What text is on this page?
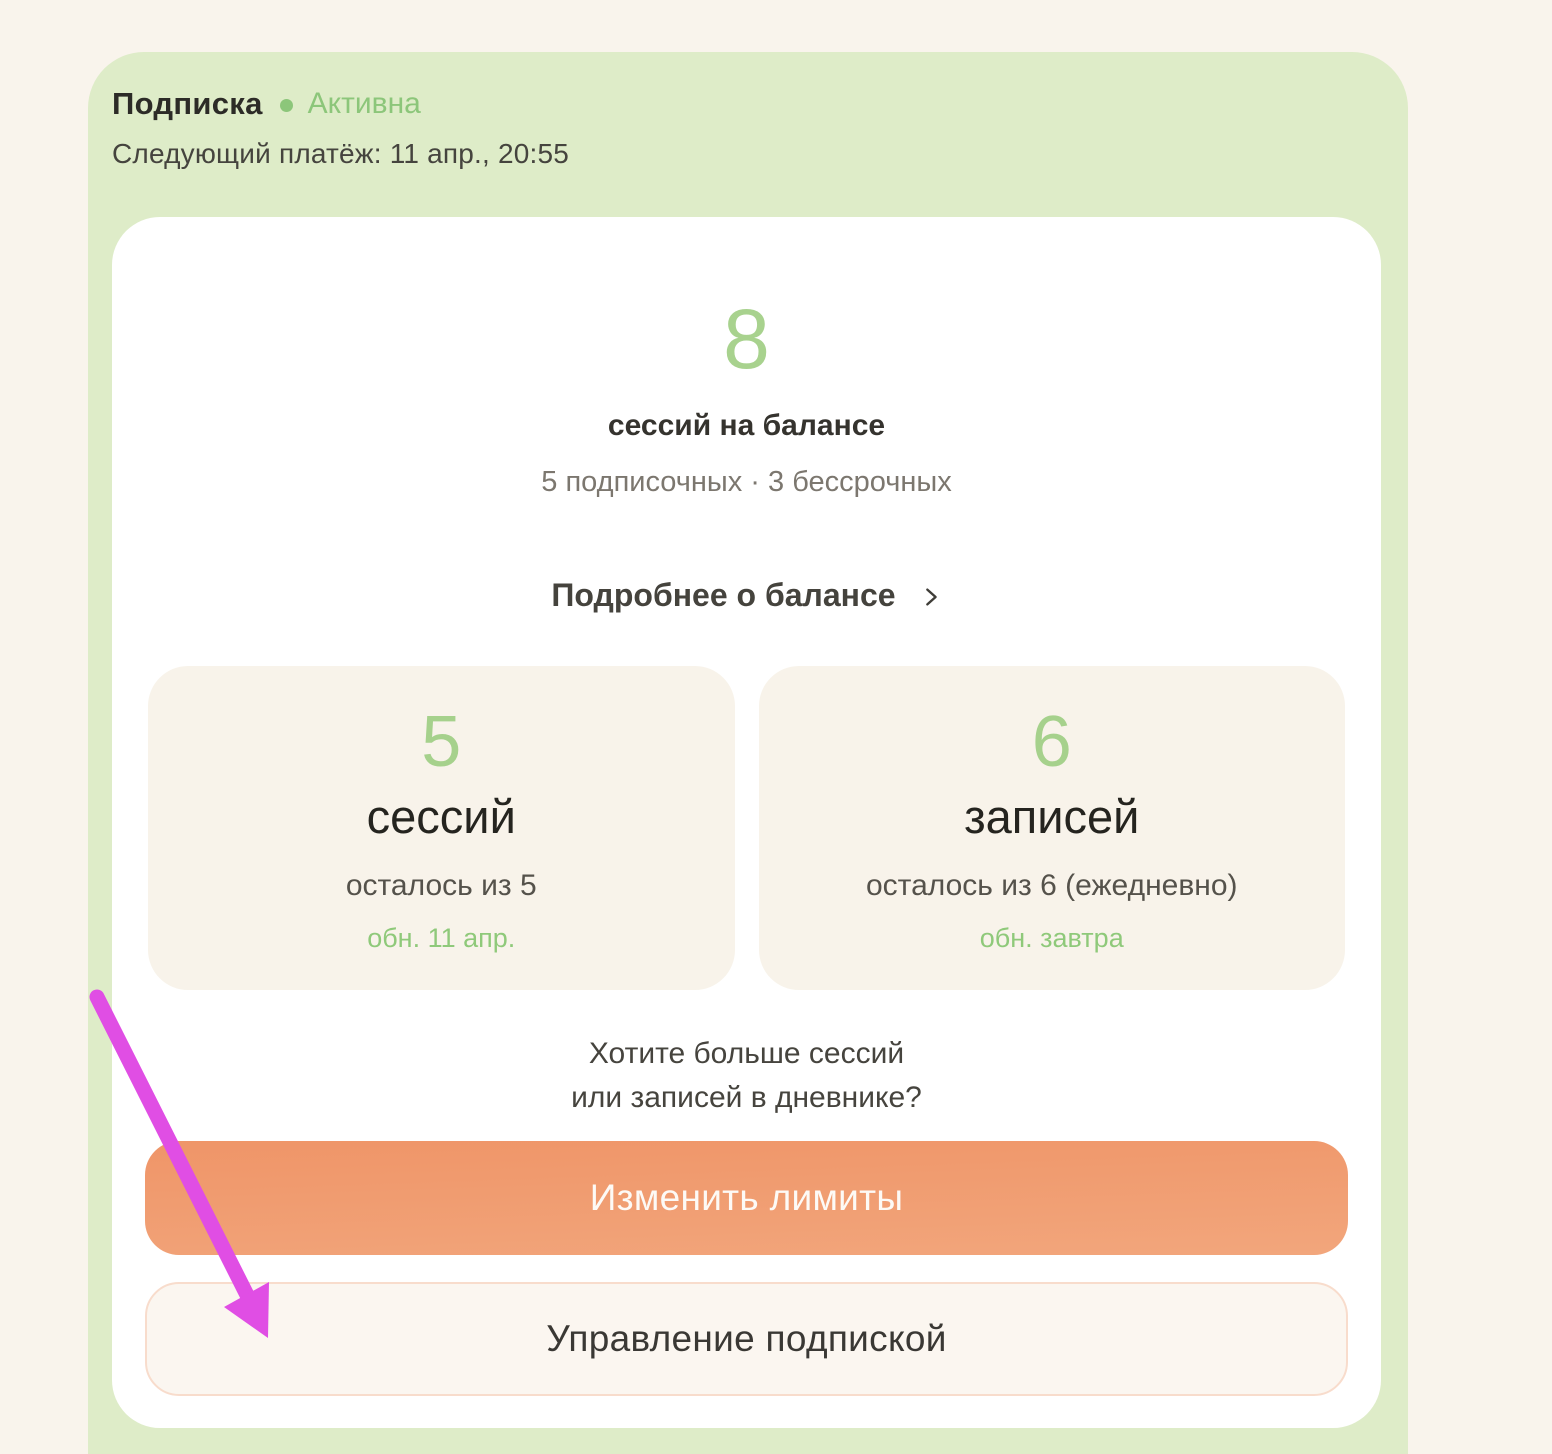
Подписка Активна
Следующий платёж: 11 апр., 20:55
8
сессий на балансе
5 подписочных · 3 бессрочных
Подробнее о балансе
5
сессий
осталось из 5
обн. 11 апр.
6
записей
осталось из 6 (ежедневно)
обн. завтра
Хотите больше сессий
или записей в дневнике?
Изменить лимиты
Управление подпиской
